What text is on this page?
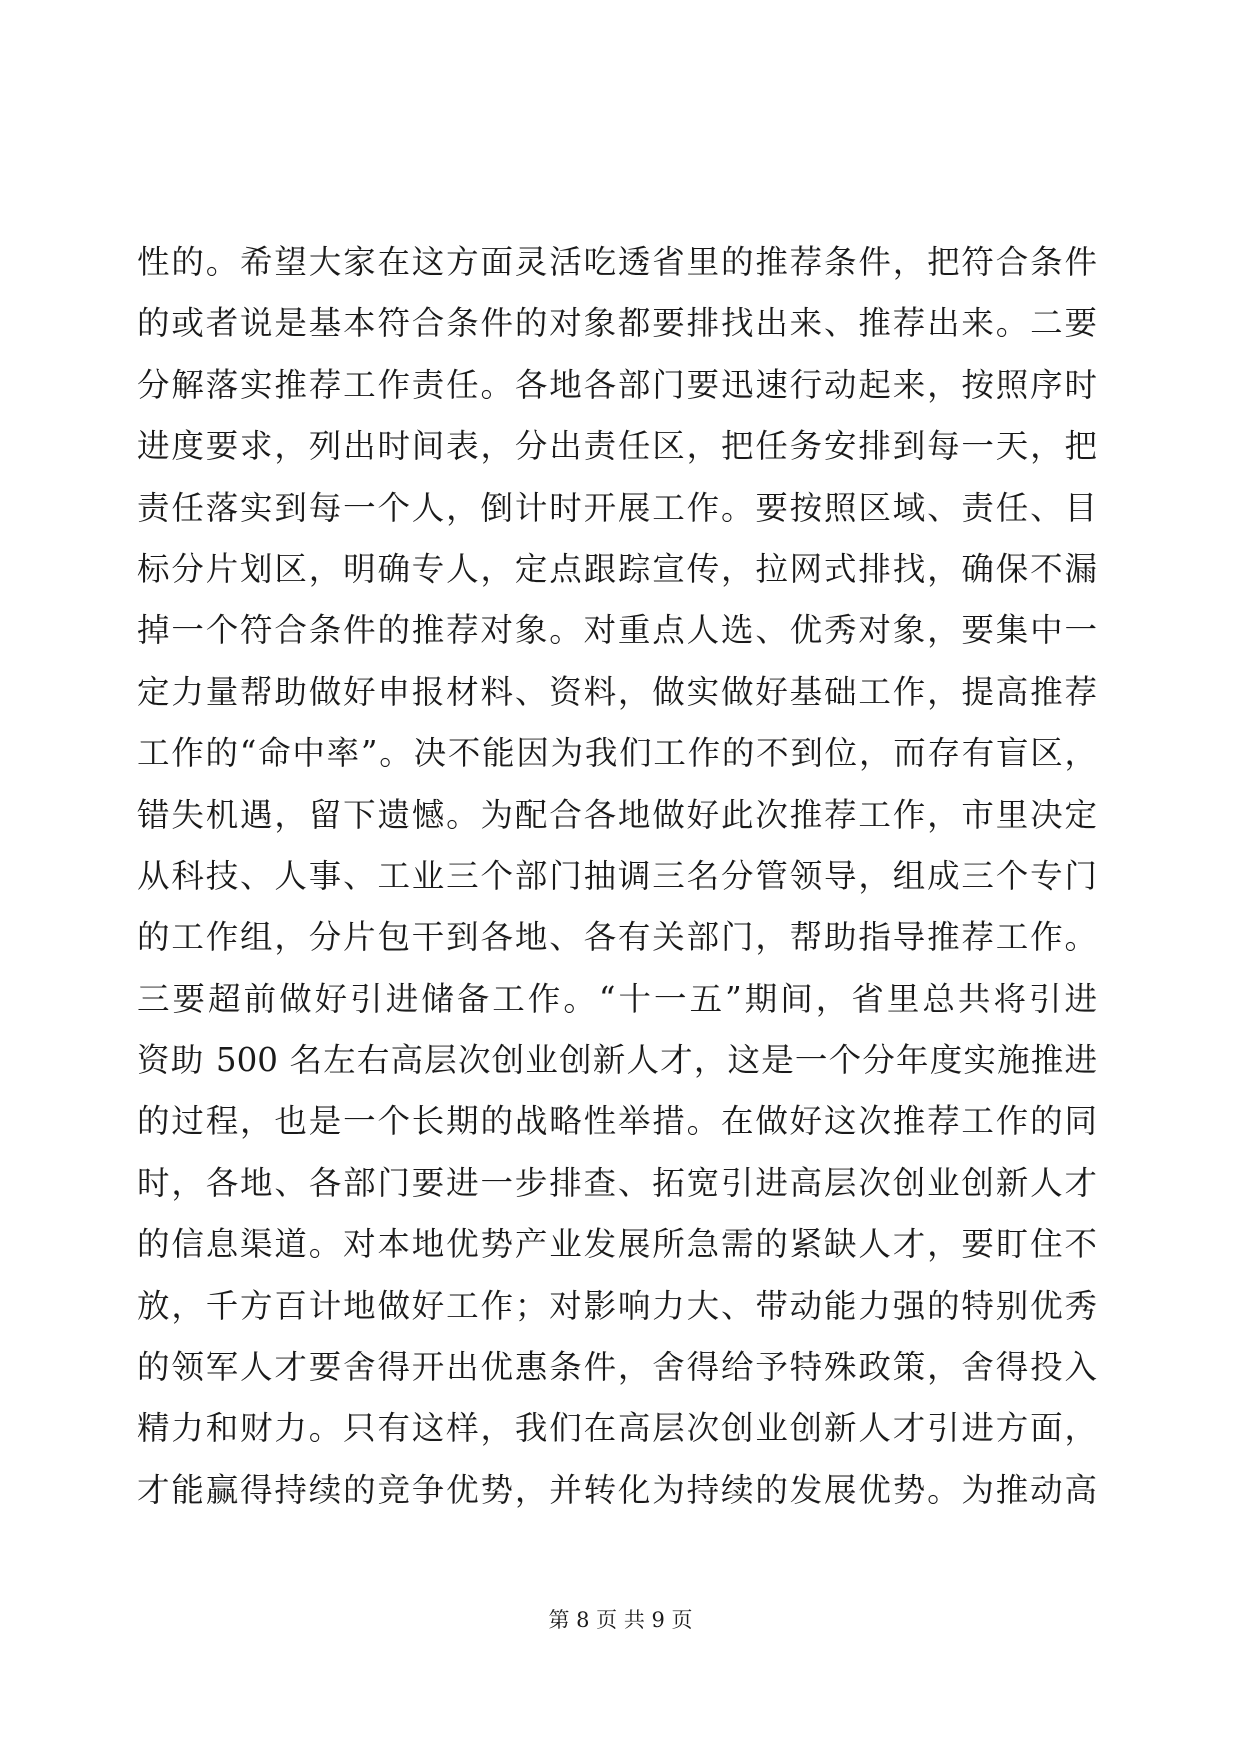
性的。希望大家在这方面灵活吃透省里的推荐条件，把符合条件
的或者说是基本符合条件的对象都要排找出来、推荐出来。二要
分解落实推荐工作责任。各地各部门要迅速行动起来，按照序时
进度要求，列出时间表，分出责任区，把任务安排到每一天，把
责任落实到每一个人，倒计时开展工作。要按照区域、责任、目
标分片划区，明确专人，定点跟踪宣传，拉网式排找，确保不漏
掉一个符合条件的推荐对象。对重点人选、优秀对象，要集中一
定力量帮助做好申报材料、资料，做实做好基础工作，提高推荐
工作的“命中率”。决不能因为我们工作的不到位，而存有盲区，
错失机遇，留下遗憾。为配合各地做好此次推荐工作，市里决定
从科技、人事、工业三个部门抽调三名分管领导，组成三个专门
的工作组，分片包干到各地、各有关部门，帮助指导推荐工作。
三要超前做好引进储备工作。“十一五”期间，省里总共将引进
资助 500 名左右高层次创业创新人才，这是一个分年度实施推进
的过程，也是一个长期的战略性举措。在做好这次推荐工作的同
时，各地、各部门要进一步排查、拓宽引进高层次创业创新人才
的信息渠道。对本地优势产业发展所急需的紧缺人才，要盯住不
放，千方百计地做好工作；对影响力大、带动能力强的特别优秀
的领军人才要舍得开出优惠条件，舍得给予特殊政策，舍得投入
精力和财力。只有这样，我们在高层次创业创新人才引进方面，
才能赢得持续的竞争优势，并转化为持续的发展优势。为推动高
第 8 页 共 9 页
